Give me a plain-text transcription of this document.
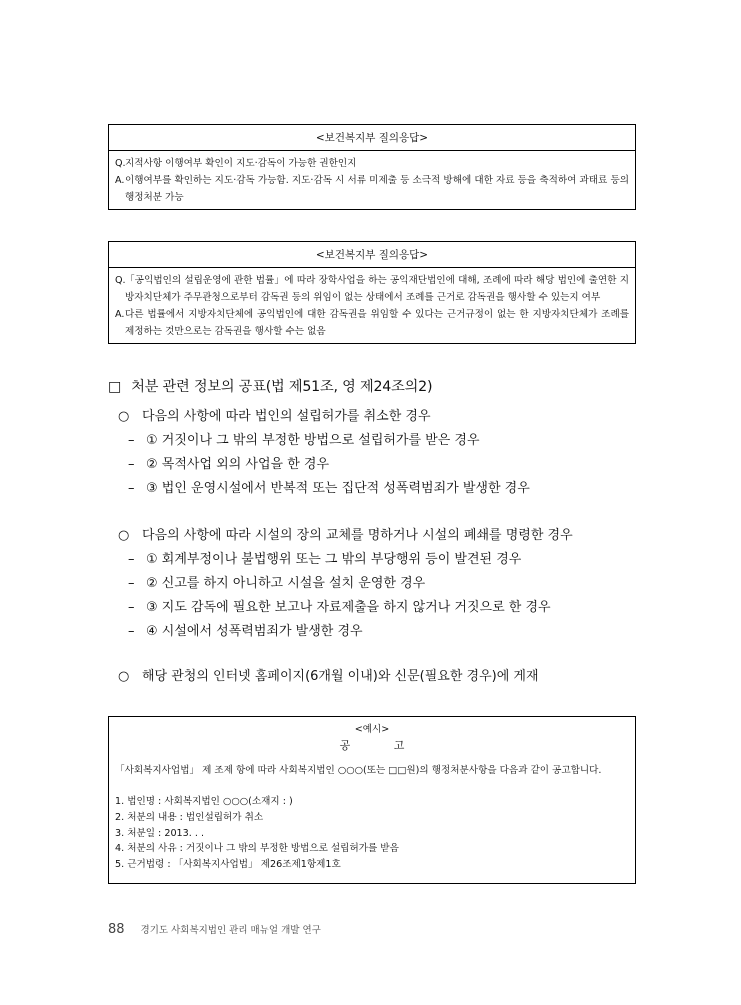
<보건복지부 질의응답>
Q. 지적사항 이행여부 확인이 지도·감독이 가능한 권한인지
A. 이행여부를 확인하는 지도·감독 가능함. 지도·감독 시 서류 미제출 등 소극적 방해에 대한 자료 등을 축적하여 과태료 등의 행정처분 가능
<보건복지부 질의응답>
Q. 「공익법인의 설립운영에 관한 법률」에 따라 장학사업을 하는 공익재단법인에 대해, 조례에 따라 해당 법인에 출연한 지방자치단체가 주무관청으로부터 감독권 등의 위임이 없는 상태에서 조례를 근거로 감독권을 행사할 수 있는지 여부
A. 다른 법률에서 지방자치단체에 공익법인에 대한 감독권을 위임할 수 있다는 근거규정이 없는 한 지방자치단체가 조례를 제정하는 것만으로는 감독권을 행사할 수는 없음
□ 처분 관련 정보의 공표(법 제51조, 영 제24조의2)
○ 다음의 사항에 따라 법인의 설립허가를 취소한 경우
– ① 거짓이나 그 밖의 부정한 방법으로 설립허가를 받은 경우
– ② 목적사업 외의 사업을 한 경우
– ③ 법인 운영시설에서 반복적 또는 집단적 성폭력범죄가 발생한 경우
○ 다음의 사항에 따라 시설의 장의 교체를 명하거나 시설의 폐쇄를 명령한 경우
– ① 회계부정이나 불법행위 또는 그 밖의 부당행위 등이 발견된 경우
– ② 신고를 하지 아니하고 시설을 설치 운영한 경우
– ③ 지도 감독에 필요한 보고나 자료제출을 하지 않거나 거짓으로 한 경우
– ④ 시설에서 성폭력범죄가 발생한 경우
○ 해당 관청의 인터넷 홈페이지(6개월 이내)와 신문(필요한 경우)에 게재
<예시>
공 고
「사회복지사업법」 제 조제 항에 따라 사회복지법인 ○○○(또는 □□원)의 행정처분사항을 다음과 같이 공고합니다.
1. 법인명 : 사회복지법인 ○○○(소재지 : )
2. 처분의 내용 : 법인설립허가 취소
3. 처분일 : 2013. . .
4. 처분의 사유 : 거짓이나 그 밖의 부정한 방법으로 설립허가를 받음
5. 근거법령 : 「사회복지사업법」 제26조제1항제1호
88 경기도 사회복지법인 관리 매뉴얼 개발 연구
